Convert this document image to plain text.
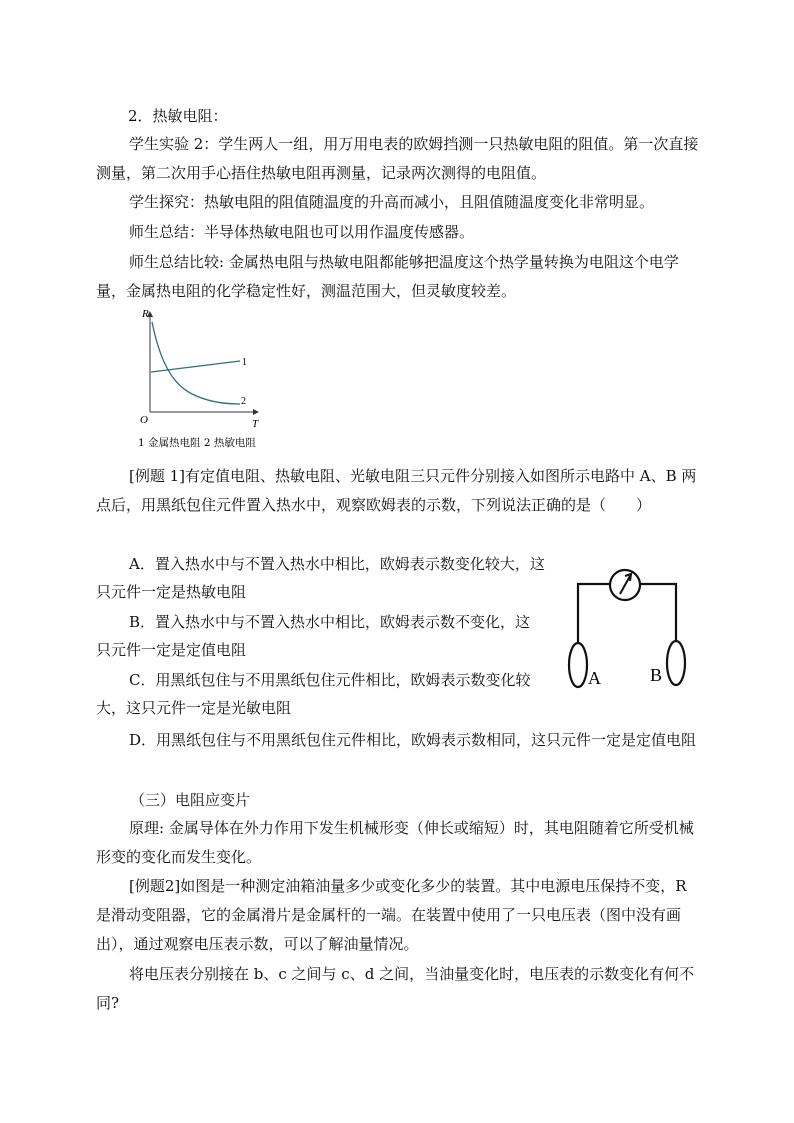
2．热敏电阻：

学生实验 2：学生两人一组，用万用电表的欧姆挡测一只热敏电阻的阻值。第一次直接测量，第二次用手心捂住热敏电阻再测量，记录两次测得的电阻值。

学生探究：热敏电阻的阻值随温度的升高而减小，且阻值随温度变化非常明显。

师生总结：半导体热敏电阻也可以用作温度传感器。

师生总结比较: 金属热电阻与热敏电阻都能够把温度这个热学量转换为电阻这个电学量，金属热电阻的化学稳定性好，测温范围大，但灵敏度较差。

R
T
O
1
2
1 金属热电阻 2 热敏电阻

[例题 1]有定值电阻、热敏电阻、光敏电阻三只元件分别接入如图所示电路中 A、B 两点后，用黑纸包住元件置入热水中，观察欧姆表的示数，下列说法正确的是（　　）

A．置入热水中与不置入热水中相比，欧姆表示数变化较大，这只元件一定是热敏电阻

B．置入热水中与不置入热水中相比，欧姆表示数不变化，这只元件一定是定值电阻

C．用黑纸包住与不用黑纸包住元件相比，欧姆表示数变化较大，这只元件一定是光敏电阻

D．用黑纸包住与不用黑纸包住元件相比，欧姆表示数相同，这只元件一定是定值电阻

A	B
（三）电阻应变片

原理: 金属导体在外力作用下发生机械形变（伸长或缩短）时，其电阻随着它所受机械形变的变化而发生变化。

[例题2]如图是一种测定油箱油量多少或变化多少的装置。其中电源电压保持不变，R 是滑动变阻器，它的金属滑片是金属杆的一端。在装置中使用了一只电压表（图中没有画出），通过观察电压表示数，可以了解油量情况。

将电压表分别接在 b、c 之间与 c、d 之间，当油量变化时，电压表的示数变化有何不同?
